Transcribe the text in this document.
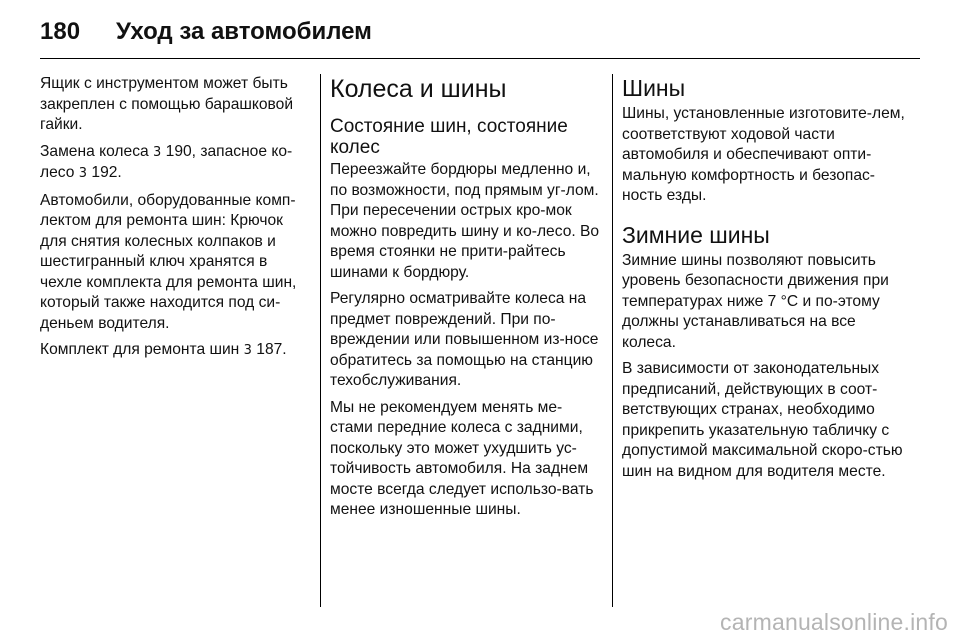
180 Уход за автомобилем

Ящик с инструментом может быть закреплен с помощью барашковой гайки.

Замена колеса 3 190, запасное ко-лесо 3 192.

Автомобили, оборудованные комп-лектом для ремонта шин: Крючок для снятия колесных колпаков и шестигранный ключ хранятся в чехле комплекта для ремонта шин, который также находится под си-деньем водителя.

Комплект для ремонта шин 3 187.

Колеса и шины
Состояние шин, состояние колес

Переезжайте бордюры медленно и, по возможности, под прямым уг-лом. При пересечении острых кро-мок можно повредить шину и ко-лесо. Во время стоянки не прити-райтесь шинами к бордюру.

Регулярно осматривайте колеса на предмет повреждений. При по-вреждении или повышенном из-носе обратитесь за помощью на станцию техобслуживания.

Мы не рекомендуем менять ме-стами передние колеса с задними, поскольку это может ухудшить ус-тойчивость автомобиля. На заднем мосте всегда следует использо-вать менее изношенные шины.

Шины

Шины, установленные изготовите-лем, соответствуют ходовой части автомобиля и обеспечивают опти-мальную комфортность и безопас-ность езды.

Зимние шины

Зимние шины позволяют повысить уровень безопасности движения при температурах ниже 7 °C и по-этому должны устанавливаться на все колеса.

В зависимости от законодательных предписаний, действующих в соот-ветствующих странах, необходимо прикрепить указательную табличку с допустимой максимальной скоро-стью шин на видном для водителя месте.

carmanualsonline.info
